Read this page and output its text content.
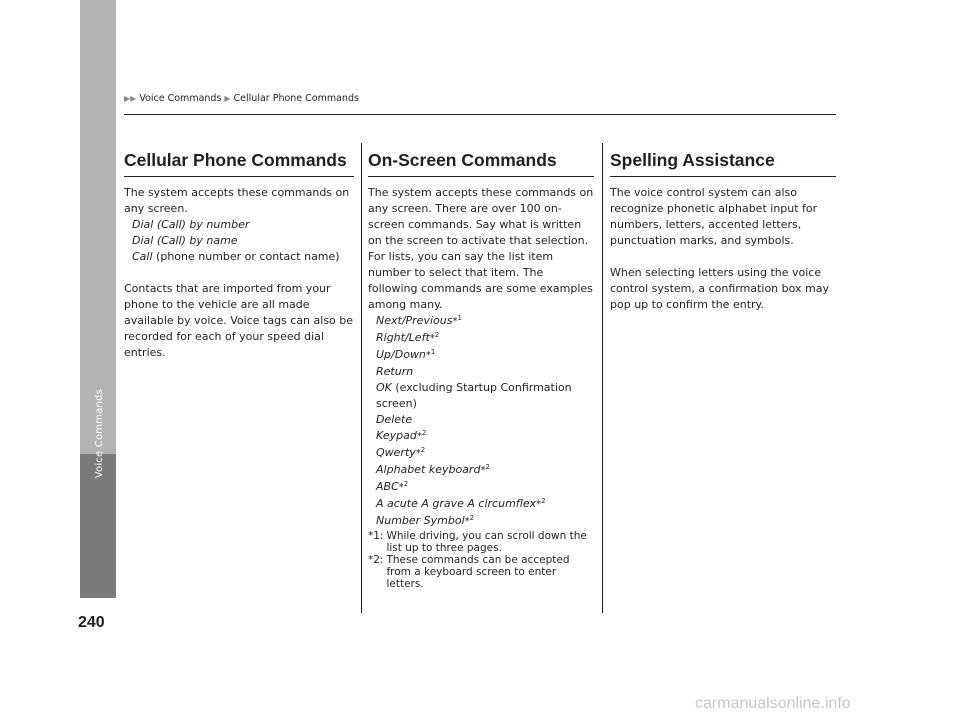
Voice Commands
▶▶ Voice Commands ▶ Cellular Phone Commands
Cellular Phone Commands

The system accepts these commands on any screen.

Dial (Call) by number

Dial (Call) by name

Call (phone number or contact name)

Contacts that are imported from your phone to the vehicle are all made available by voice. Voice tags can also be recorded for each of your speed dial entries.

On-Screen Commands

The system accepts these commands on any screen. There are over 100 on-screen commands. Say what is written on the screen to activate that selection. For lists, you can say the list item number to select that item. The following commands are some examples among many.

Next/Previous*$^1$

Right/Left*$^2$

Up/Down*$^1$

Return

OK (excluding Startup Confirmation screen)

Delete

Keypad*$^2$

Qwerty*$^2$

Alphabet keyboard*$^2$

ABC*$^2$

A acute A grave A circumflex*$^2$

Number Symbol*$^2$

*1: While driving, you can scroll down the list up to three pages.
*2: These commands can be accepted from a keyboard screen to enter letters.
Spelling Assistance

The voice control system can also recognize phonetic alphabet input for numbers, letters, accented letters, punctuation marks, and symbols.

When selecting letters using the voice control system, a confirmation box may pop up to confirm the entry.

240
carmanualsonline.info
